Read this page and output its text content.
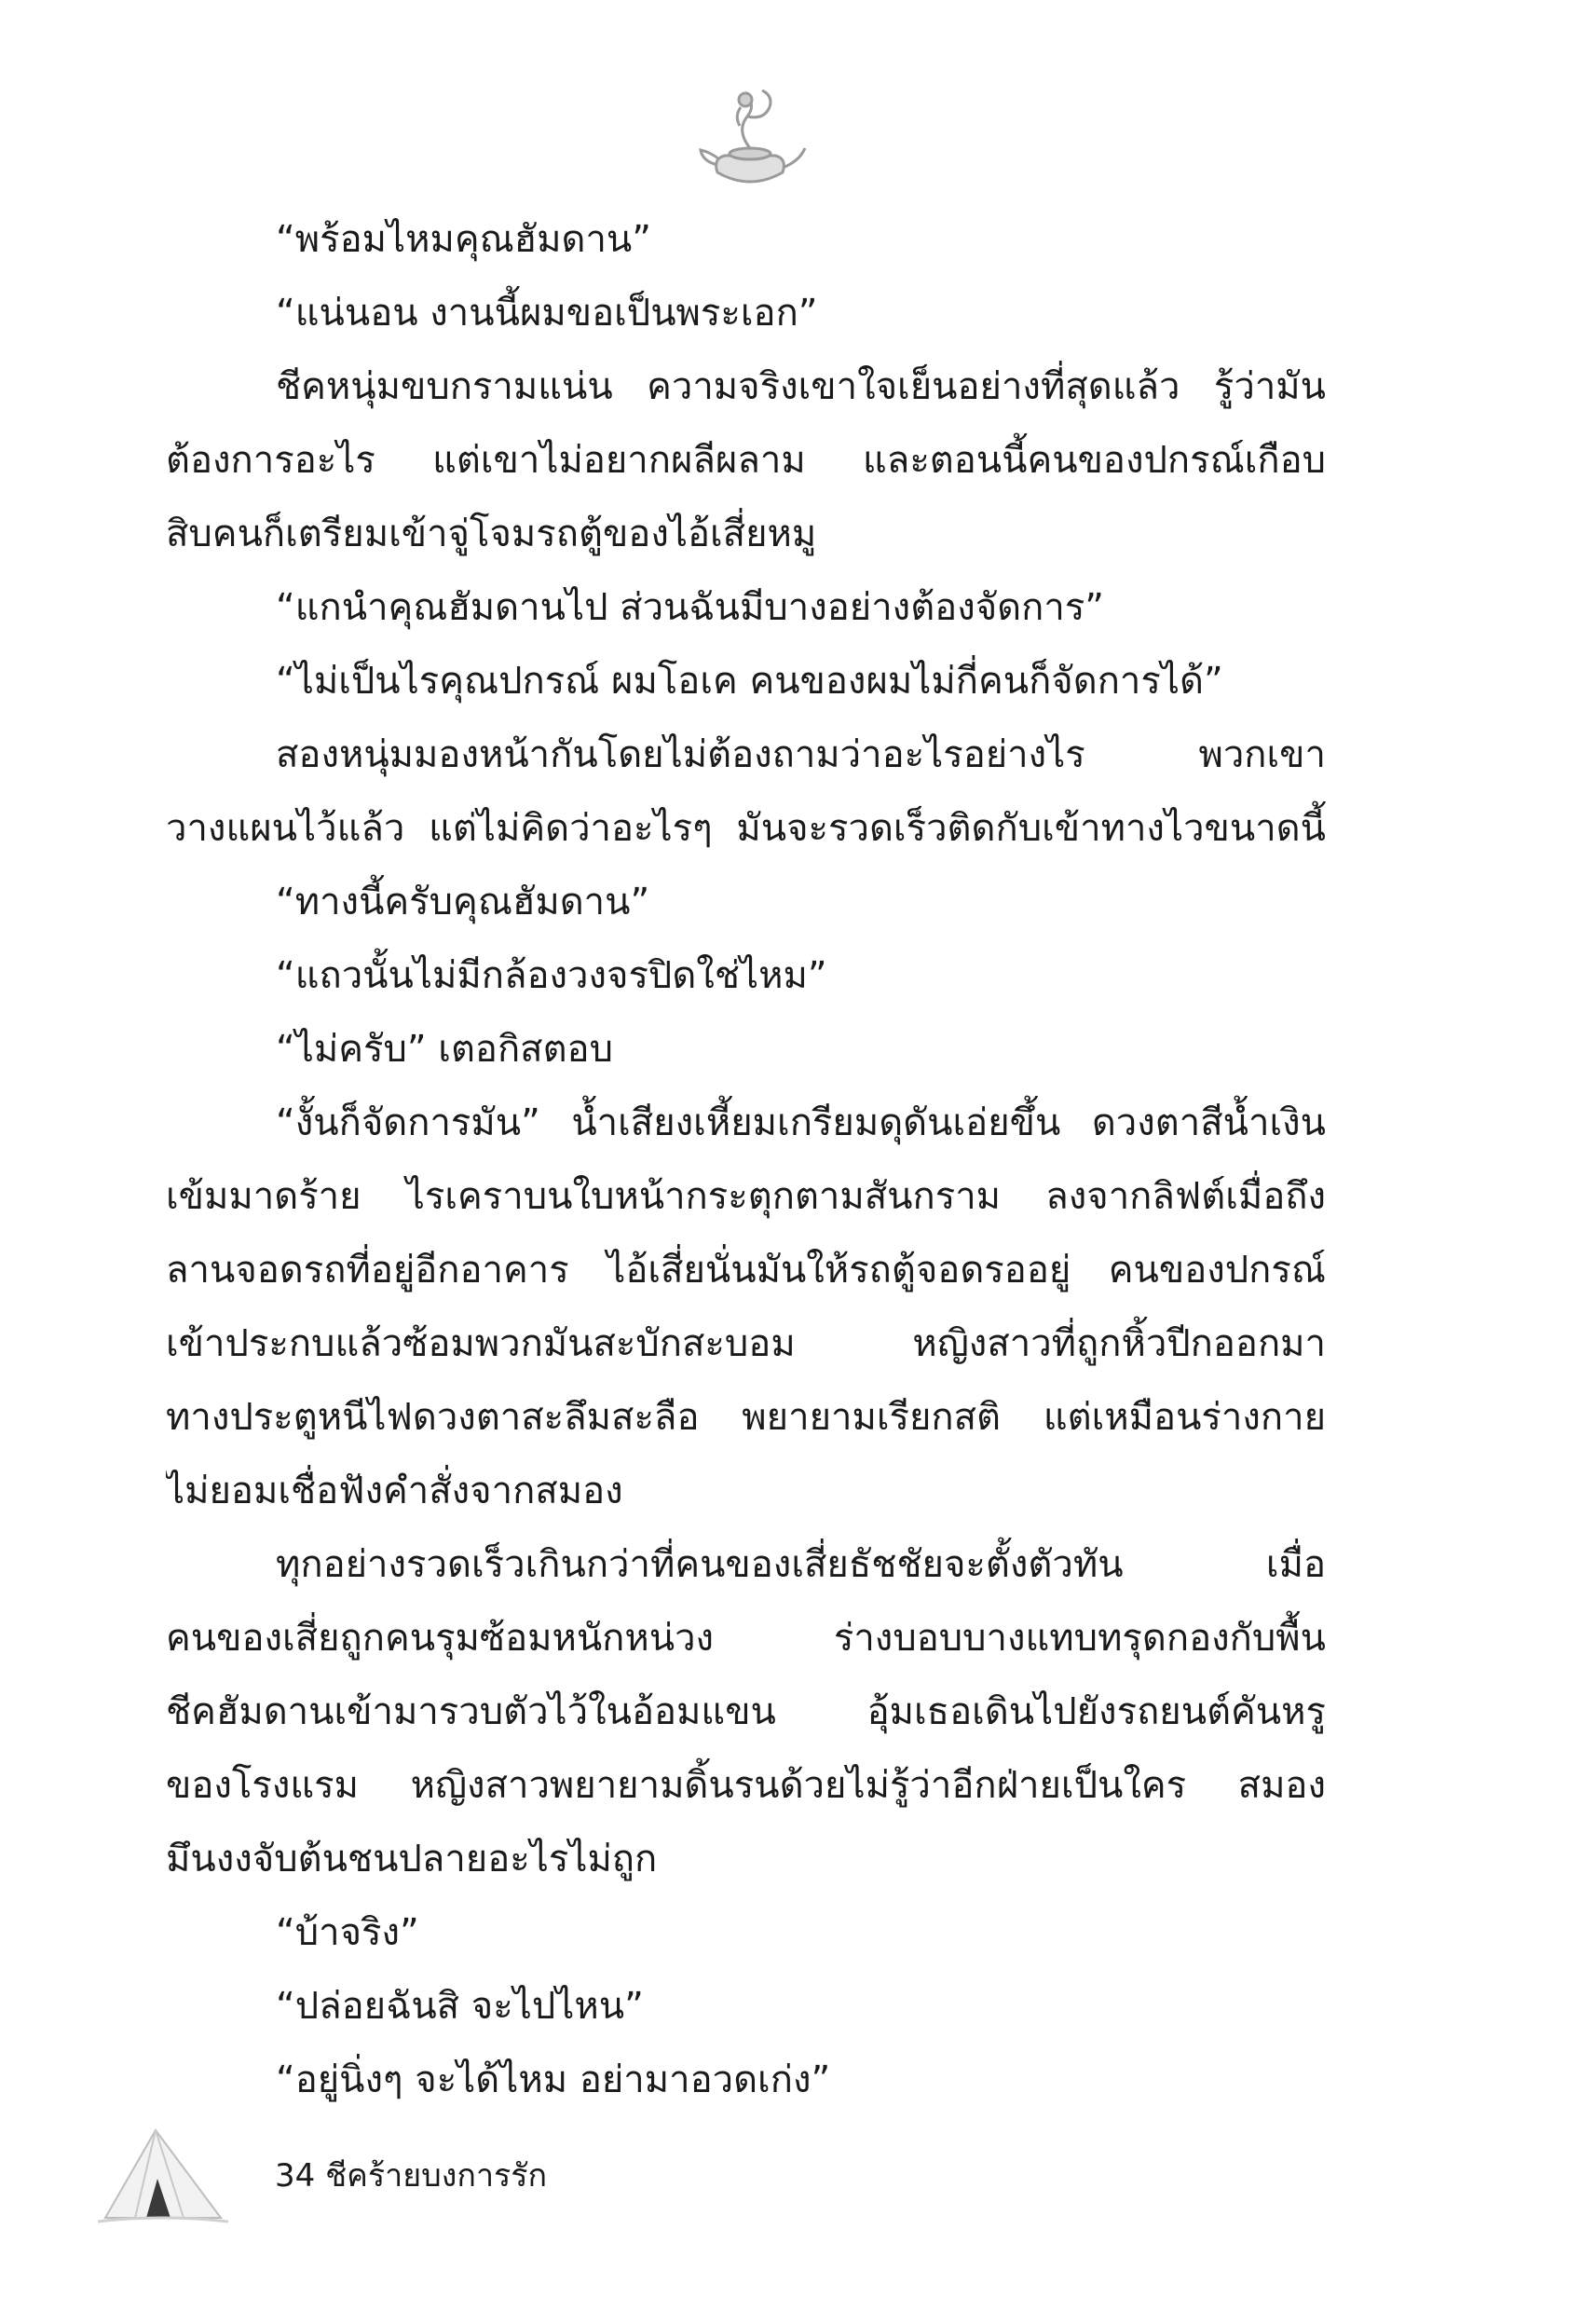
“พร้อมไหมคุณฮัมดาน”
“แน่นอน งานนี้ผมขอเป็นพระเอก”
ชีคหนุ่มขบกรามแน่น ความจริงเขาใจเย็นอย่างที่สุดแล้ว รู้ว่ามัน
ต้องการอะไร แต่เขาไม่อยากผลีผลาม และตอนนี้คนของปกรณ์เกือบ
สิบคนก็เตรียมเข้าจู่โจมรถตู้ของไอ้เสี่ยหมู
“แกนำคุณฮัมดานไป ส่วนฉันมีบางอย่างต้องจัดการ”
“ไม่เป็นไรคุณปกรณ์ ผมโอเค คนของผมไม่กี่คนก็จัดการได้”
สองหนุ่มมองหน้ากันโดยไม่ต้องถามว่าอะไรอย่างไร พวกเขา
วางแผนไว้แล้ว แต่ไม่คิดว่าอะไรๆ มันจะรวดเร็วติดกับเข้าทางไวขนาดนี้
“ทางนี้ครับคุณฮัมดาน”
“แถวนั้นไม่มีกล้องวงจรปิดใช่ไหม”
“ไม่ครับ” เตอกิสตอบ
“งั้นก็จัดการมัน” น้ำเสียงเหี้ยมเกรียมดุดันเอ่ยขึ้น ดวงตาสีน้ำเงิน
เข้มมาดร้าย ไรเคราบนใบหน้ากระตุกตามสันกราม ลงจากลิฟต์เมื่อถึง
ลานจอดรถที่อยู่อีกอาคาร ไอ้เสี่ยนั่นมันให้รถตู้จอดรออยู่ คนของปกรณ์
เข้าประกบแล้วซ้อมพวกมันสะบักสะบอม หญิงสาวที่ถูกหิ้วปีกออกมา
ทางประตูหนีไฟดวงตาสะลึมสะลือ พยายามเรียกสติ แต่เหมือนร่างกาย
ไม่ยอมเชื่อฟังคำสั่งจากสมอง
ทุกอย่างรวดเร็วเกินกว่าที่คนของเสี่ยธัชชัยจะตั้งตัวทัน เมื่อ
คนของเสี่ยถูกคนรุมซ้อมหนักหน่วง ร่างบอบบางแทบทรุดกองกับพื้น
ชีคฮัมดานเข้ามารวบตัวไว้ในอ้อมแขน อุ้มเธอเดินไปยังรถยนต์คันหรู
ของโรงแรม หญิงสาวพยายามดิ้นรนด้วยไม่รู้ว่าอีกฝ่ายเป็นใคร สมอง
มึนงงจับต้นชนปลายอะไรไม่ถูก
“บ้าจริง”
“ปล่อยฉันสิ จะไปไหน”
“อยู่นิ่งๆ จะได้ไหม อย่ามาอวดเก่ง”
34 ชีคร้ายบงการรัก
